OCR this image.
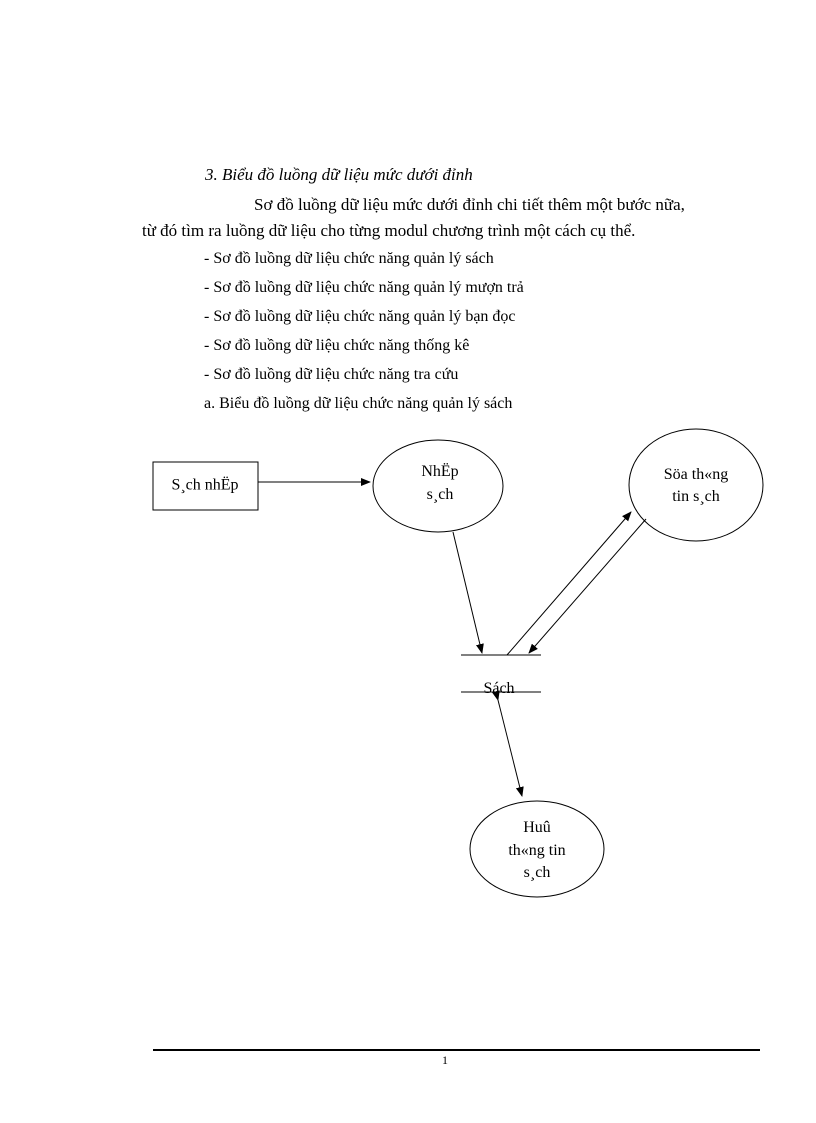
3. Biểu đồ luồng dữ liệu mức dưới đỉnh
Sơ đồ luồng dữ liệu mức dưới đỉnh chi tiết thêm một bước nữa,
từ đó tìm ra luồng dữ liệu cho từng modul chương trình một cách cụ thể.
- Sơ đồ luồng dữ liệu chức năng quản lý sách
- Sơ đồ luồng dữ liệu chức năng quản lý mượn trả
- Sơ đồ luồng dữ liệu chức năng quản lý bạn đọc
- Sơ đồ luồng dữ liệu chức năng thống kê
- Sơ đồ luồng dữ liệu chức năng tra cứu
a. Biểu đồ luồng dữ liệu chức năng quản lý sách
S¸ch nhËp
NhËp
s¸ch
Söa th«ng
tin s¸ch
Sách
Huû
th«ng tin
s¸ch
1
